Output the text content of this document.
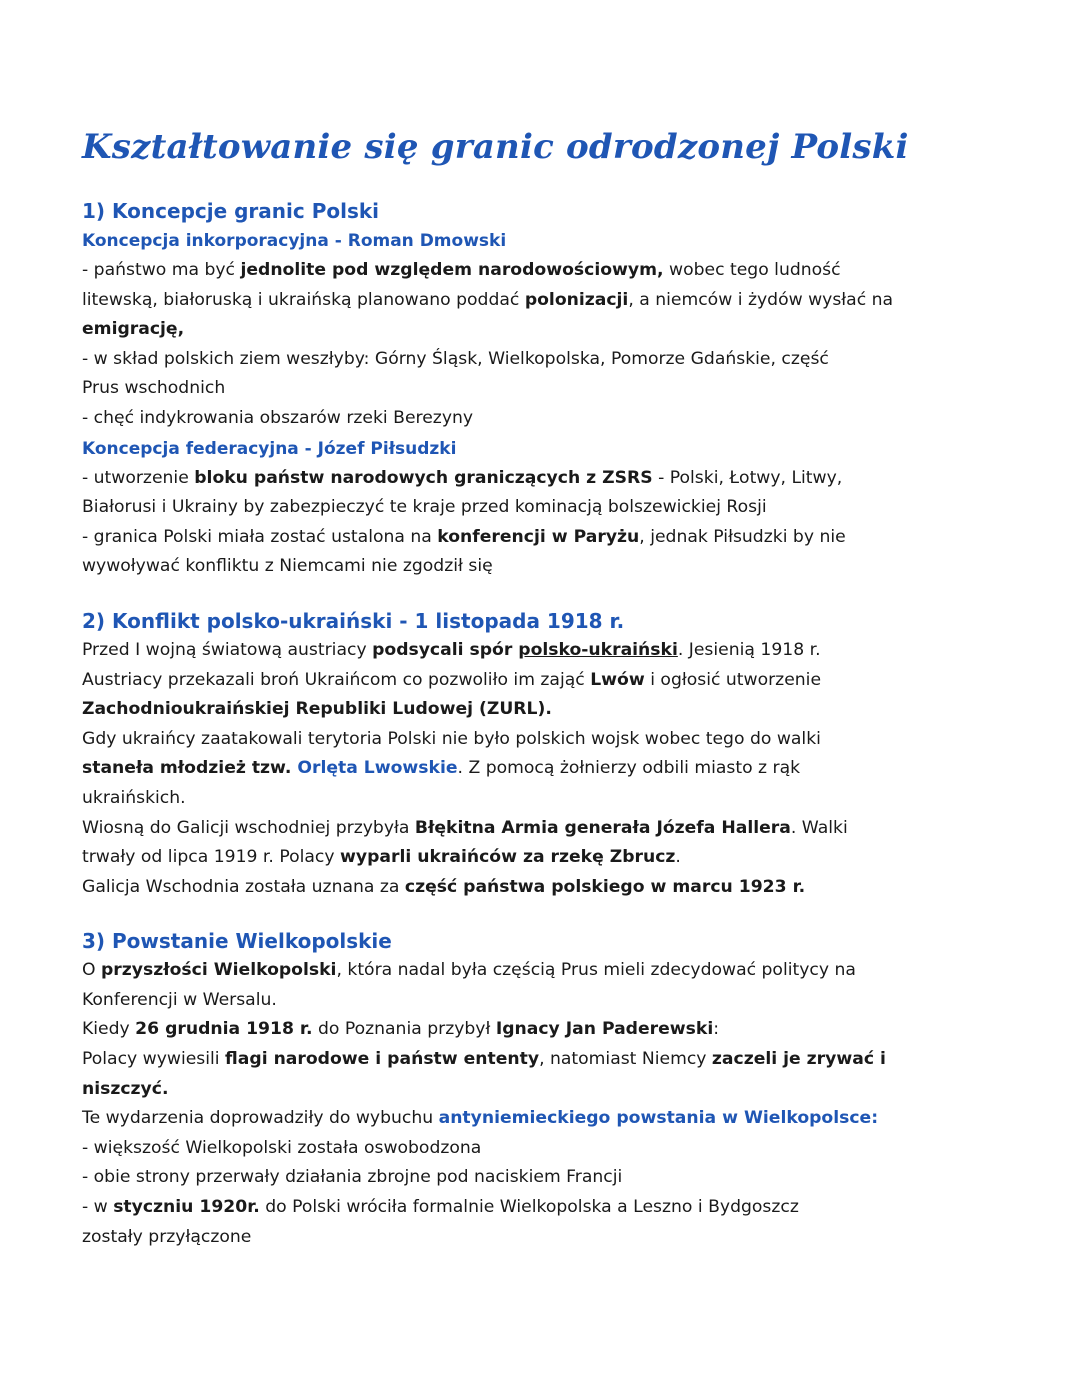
Kształtowanie się granic odrodzonej Polski

1) Koncepcje granic Polski

Koncepcja inkorporacyjna - Roman Dmowski

- państwo ma być jednolite pod względem narodowościowym, wobec tego ludność

litewską, białoruską i ukraińską planowano poddać polonizacji, a niemców i żydów wysłać na

emigrację,

- w skład polskich ziem weszłyby: Górny Śląsk, Wielkopolska, Pomorze Gdańskie, część

Prus wschodnich

- chęć indykrowania obszarów rzeki Berezyny

Koncepcja federacyjna - Józef Piłsudzki

- utworzenie bloku państw narodowych graniczących z ZSRS - Polski, Łotwy, Litwy,

Białorusi i Ukrainy by zabezpieczyć te kraje przed kominacją bolszewickiej Rosji

- granica Polski miała zostać ustalona na konferencji w Paryżu, jednak Piłsudzki by nie

wywoływać konfliktu z Niemcami nie zgodził się

2) Konflikt polsko-ukraiński - 1 listopada 1918 r.

Przed I wojną światową austriacy podsycali spór polsko-ukraiński. Jesienią 1918 r.

Austriacy przekazali broń Ukraińcom co pozwoliło im zająć Lwów i ogłosić utworzenie

Zachodnioukraińskiej Republiki Ludowej (ZURL).

Gdy ukraińcy zaatakowali terytoria Polski nie było polskich wojsk wobec tego do walki

staneła młodzież tzw. Orlęta Lwowskie. Z pomocą żołnierzy odbili miasto z rąk

ukraińskich.

Wiosną do Galicji wschodniej przybyła Błękitna Armia generała Józefa Hallera. Walki

trwały od lipca 1919 r. Polacy wyparli ukraińców za rzekę Zbrucz.

Galicja Wschodnia została uznana za część państwa polskiego w marcu 1923 r.

3) Powstanie Wielkopolskie

O przyszłości Wielkopolski, która nadal była częścią Prus mieli zdecydować politycy na

Konferencji w Wersalu.

Kiedy 26 grudnia 1918 r. do Poznania przybył Ignacy Jan Paderewski:

Polacy wywiesili flagi narodowe i państw ententy, natomiast Niemcy zaczeli je zrywać i

niszczyć.

Te wydarzenia doprowadziły do wybuchu antyniemieckiego powstania w Wielkopolsce:

- większość Wielkopolski została oswobodzona

- obie strony przerwały działania zbrojne pod naciskiem Francji

- w styczniu 1920r. do Polski wróciła formalnie Wielkopolska a Leszno i Bydgoszcz

zostały przyłączone
